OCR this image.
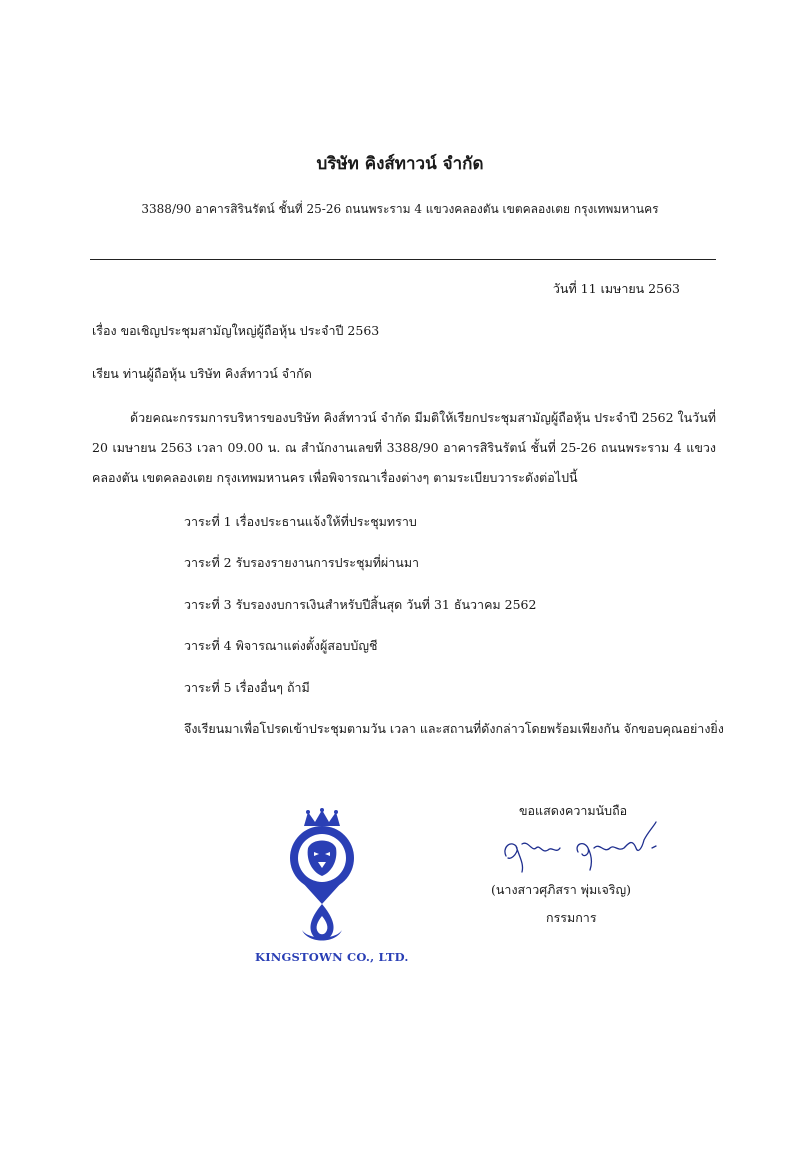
บริษัท คิงส์ทาวน์ จำกัด
3388/90 อาคารสิรินรัตน์ ชั้นที่ 25-26 ถนนพระราม 4 แขวงคลองตัน เขตคลองเตย กรุงเทพมหานคร
วันที่ 11 เมษายน 2563
เรื่อง ขอเชิญประชุมสามัญใหญ่ผู้ถือหุ้น ประจำปี 2563
เรียน ท่านผู้ถือหุ้น บริษัท คิงส์ทาวน์ จำกัด
ด้วยคณะกรรมการบริหารของบริษัท คิงส์ทาวน์ จำกัด มีมติให้เรียกประชุมสามัญผู้ถือหุ้น ประจำปี 2562 ในวันที่ 20 เมษายน 2563 เวลา 09.00 น. ณ สำนักงานเลขที่ 3388/90 อาคารสิรินรัตน์ ชั้นที่ 25-26 ถนนพระราม 4 แขวงคลองตัน เขตคลองเตย กรุงเทพมหานคร เพื่อพิจารณาเรื่องต่างๆ ตามระเบียบวาระดังต่อไปนี้
วาระที่ 1 เรื่องประธานแจ้งให้ที่ประชุมทราบ
วาระที่ 2 รับรองรายงานการประชุมที่ผ่านมา
วาระที่ 3 รับรองงบการเงินสำหรับปีสิ้นสุด วันที่ 31 ธันวาคม 2562
วาระที่ 4 พิจารณาแต่งตั้งผู้สอบบัญชี
วาระที่ 5 เรื่องอื่นๆ ถ้ามี
จึงเรียนมาเพื่อโปรดเข้าประชุมตามวัน เวลา และสถานที่ดังกล่าวโดยพร้อมเพียงกัน จักขอบคุณอย่างยิ่ง
ขอแสดงความนับถือ
(นางสาวศุภิสรา พุ่มเจริญ)
กรรมการ
KINGSTOWN CO., LTD.
